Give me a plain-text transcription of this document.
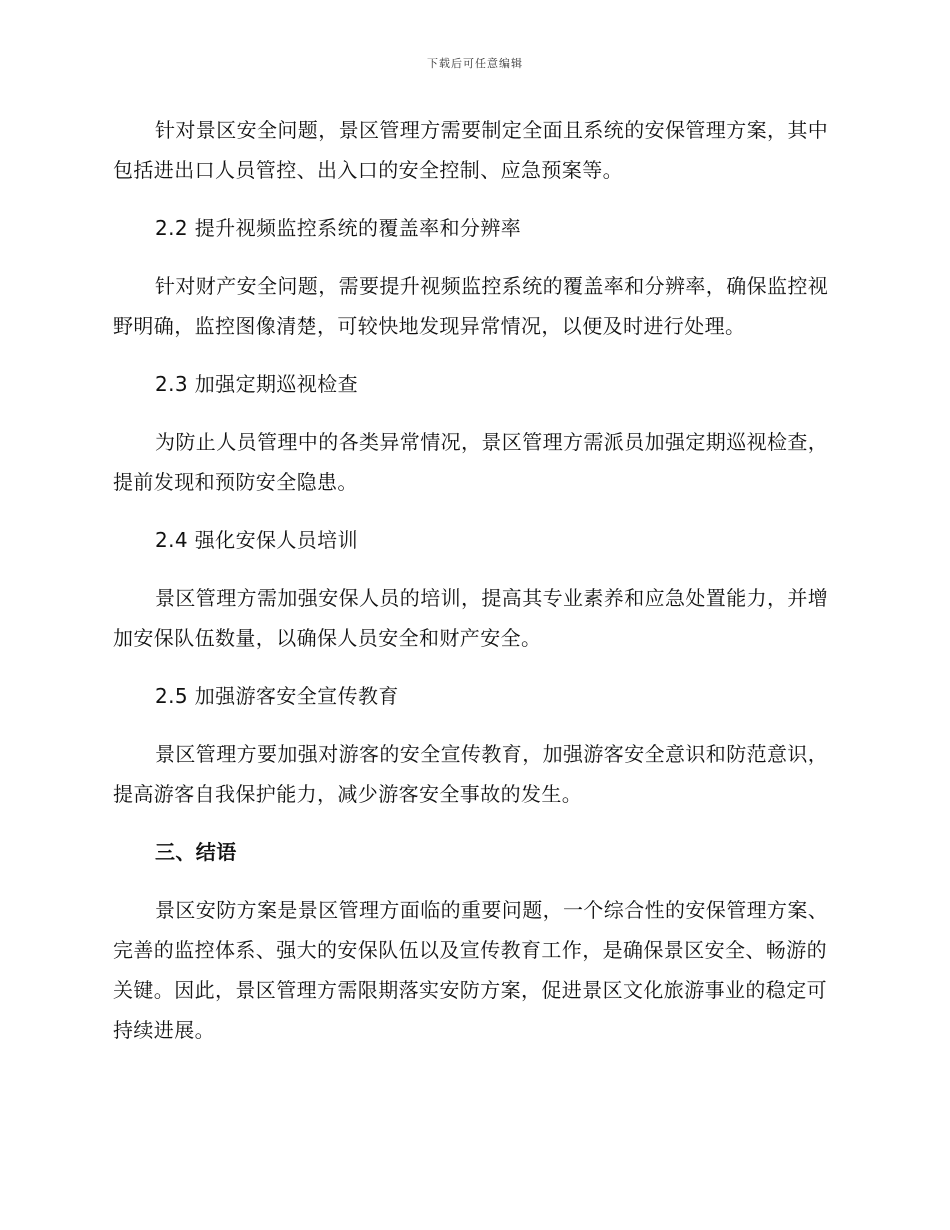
下载后可任意编辑

针对景区安全问题，景区管理方需要制定全面且系统的安保管理方案，其中包括进出口人员管控、出入口的安全控制、应急预案等。

2.2 提升视频监控系统的覆盖率和分辨率

针对财产安全问题，需要提升视频监控系统的覆盖率和分辨率，确保监控视野明确，监控图像清楚，可较快地发现异常情况，以便及时进行处理。

2.3 加强定期巡视检查

为防止人员管理中的各类异常情况，景区管理方需派员加强定期巡视检查，提前发现和预防安全隐患。

2.4 强化安保人员培训

景区管理方需加强安保人员的培训，提高其专业素养和应急处置能力，并增加安保队伍数量，以确保人员安全和财产安全。

2.5 加强游客安全宣传教育

景区管理方要加强对游客的安全宣传教育，加强游客安全意识和防范意识，提高游客自我保护能力，减少游客安全事故的发生。

三、结语

景区安防方案是景区管理方面临的重要问题，一个综合性的安保管理方案、完善的监控体系、强大的安保队伍以及宣传教育工作，是确保景区安全、畅游的关键。因此，景区管理方需限期落实安防方案，促进景区文化旅游事业的稳定可持续进展。
